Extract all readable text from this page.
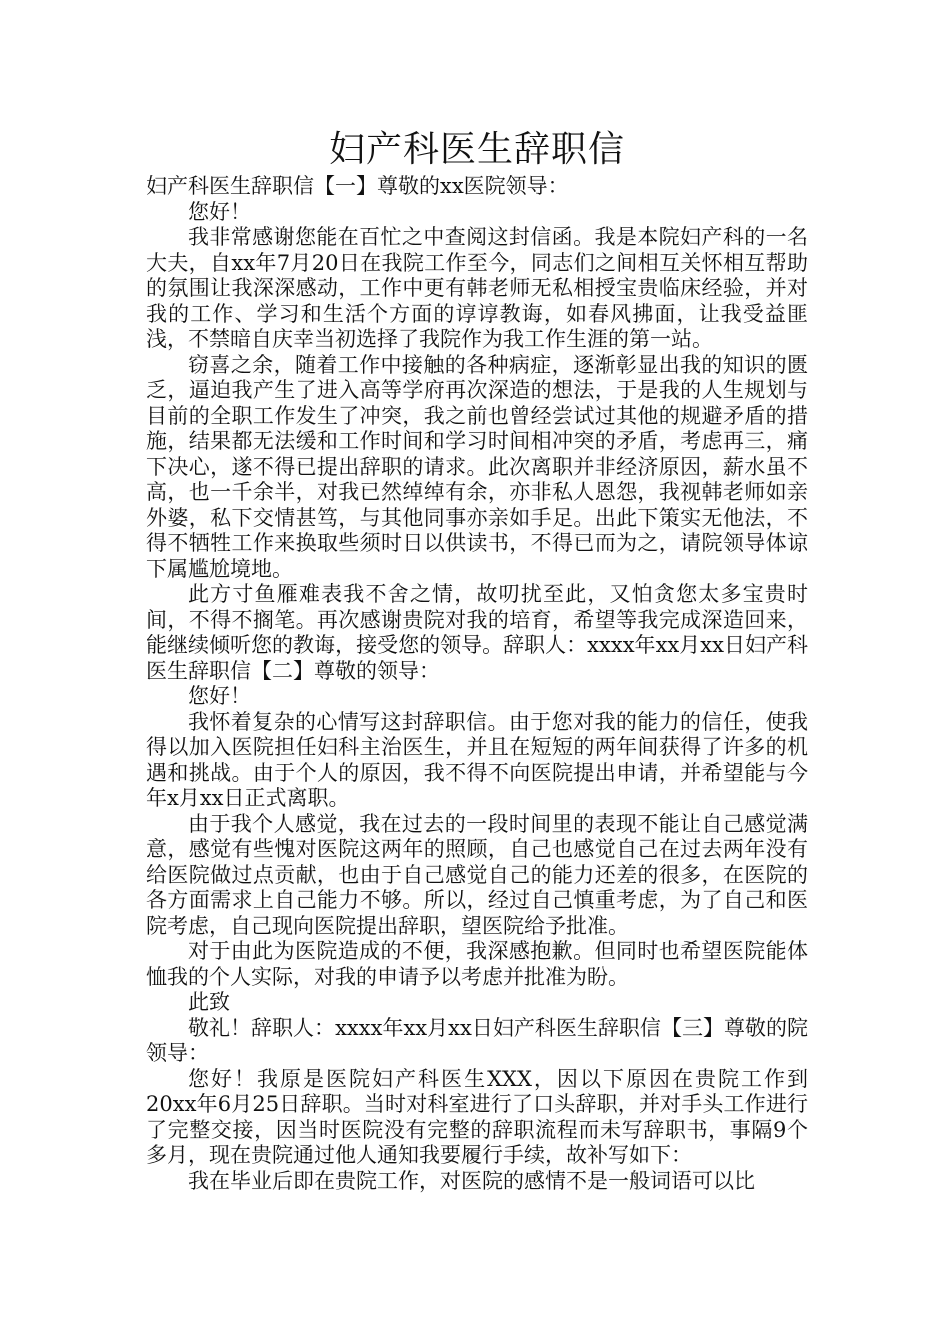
妇产科医生辞职信

妇产科医生辞职信【一】尊敬的xx医院领导：

您好！

我非常感谢您能在百忙之中查阅这封信函。我是本院妇产科的一名大夫，自xx年7月20日在我院工作至今，同志们之间相互关怀相互帮助的氛围让我深深感动，工作中更有韩老师无私相授宝贵临床经验，并对我的工作、学习和生活个方面的谆谆教诲，如春风拂面，让我受益匪浅，不禁暗自庆幸当初选择了我院作为我工作生涯的第一站。

窃喜之余，随着工作中接触的各种病症，逐渐彰显出我的知识的匮乏，逼迫我产生了进入高等学府再次深造的想法，于是我的人生规划与目前的全职工作发生了冲突，我之前也曾经尝试过其他的规避矛盾的措施，结果都无法缓和工作时间和学习时间相冲突的矛盾，考虑再三，痛下决心，遂不得已提出辞职的请求。此次离职并非经济原因，薪水虽不高，也一千余半，对我已然绰绰有余，亦非私人恩怨，我视韩老师如亲外婆，私下交情甚笃，与其他同事亦亲如手足。出此下策实无他法，不得不牺牲工作来换取些须时日以供读书，不得已而为之，请院领导体谅下属尴尬境地。

此方寸鱼雁难表我不舍之情，故叨扰至此，又怕贪您太多宝贵时间，不得不搁笔。再次感谢贵院对我的培育，希望等我完成深造回来，能继续倾听您的教诲，接受您的领导。辞职人：xxxx年xx月xx日妇产科医生辞职信【二】尊敬的领导：

您好！

我怀着复杂的心情写这封辞职信。由于您对我的能力的信任，使我得以加入医院担任妇科主治医生，并且在短短的两年间获得了许多的机遇和挑战。由于个人的原因，我不得不向医院提出申请，并希望能与今年x月xx日正式离职。

由于我个人感觉，我在过去的一段时间里的表现不能让自己感觉满意，感觉有些愧对医院这两年的照顾，自己也感觉自己在过去两年没有给医院做过点贡献，也由于自己感觉自己的能力还差的很多，在医院的各方面需求上自己能力不够。所以，经过自己慎重考虑，为了自己和医院考虑，自己现向医院提出辞职，望医院给予批准。

对于由此为医院造成的不便，我深感抱歉。但同时也希望医院能体恤我的个人实际，对我的申请予以考虑并批准为盼。

此致

敬礼！辞职人：xxxx年xx月xx日妇产科医生辞职信【三】尊敬的院领导：

您好！我原是医院妇产科医生XXX，因以下原因在贵院工作到20xx年6月25日辞职。当时对科室进行了口头辞职，并对手头工作进行了完整交接，因当时医院没有完整的辞职流程而未写辞职书，事隔9个多月，现在贵院通过他人通知我要履行手续，故补写如下：

我在毕业后即在贵院工作，对医院的感情不是一般词语可以比
